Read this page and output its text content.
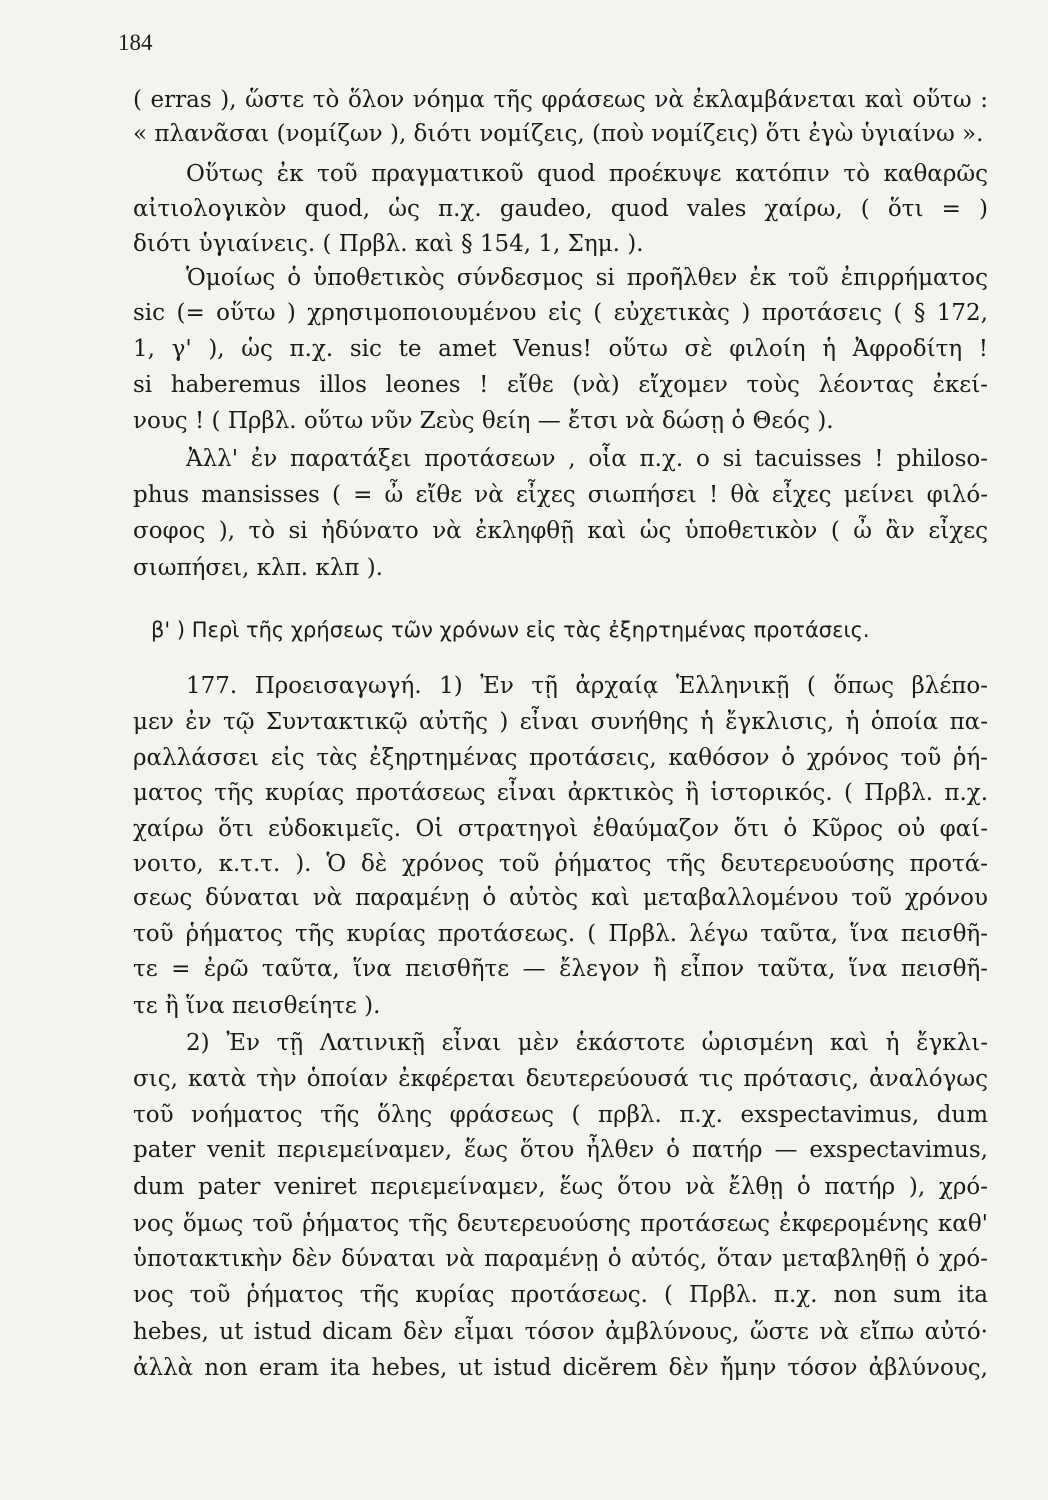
184
( erras ), ὥστε τὸ ὅλον νόημα τῆς φράσεως νὰ ἐκλαμβάνεται καὶ οὕτω :
« πλανᾶσαι (νομίζων ), διότι νομίζεις, (ποὺ νομίζεις) ὅτι ἐγὼ ὑγιαίνω ».
Οὕτως ἐκ τοῦ πραγματικοῦ quod προέκυψε κατόπιν τὸ καθαρῶς
αἰτιολογικὸν quod, ὡς π.χ. gaudeo, quod vales χαίρω, ( ὅτι = )
διότι ὑγιαίνεις. ( Πρβλ. καὶ § 154, 1, Σημ. ).
Ὁμοίως ὁ ὑποθετικὸς σύνδεσμος si προῆλθεν ἐκ τοῦ ἐπιρρήματος
sic (= οὕτω ) χρησιμοποιουμένου εἰς ( εὐχετικὰς ) προτάσεις ( § 172,
1, γ' ), ὡς π.χ. sic te amet Venus! οὕτω σὲ φιλοίη ἡ Ἀφροδίτη !
si haberemus illos leones ! εἴθε (νὰ) εἴχομεν τοὺς λέοντας ἐκεί-
νους ! ( Πρβλ. οὕτω νῦν Ζεὺς θείη — ἔτσι νὰ δώσῃ ὁ Θεός ).
Ἀλλ' ἐν παρατάξει προτάσεων , οἷα π.χ. o si tacuisses ! philoso-
phus mansisses ( = ὦ εἴθε νὰ εἶχες σιωπήσει ! θὰ εἶχες μείνει φιλό-
σοφος ), τὸ si ἠδύνατο νὰ ἐκληφθῇ καὶ ὡς ὑποθετικὸν ( ὦ ἂν εἶχες
σιωπήσει, κλπ. κλπ ).
β' ) Περὶ τῆς χρήσεως τῶν χρόνων εἰς τὰς ἐξηρτημένας προτάσεις.
177. Προεισαγωγή. 1) Ἐν τῇ ἀρχαίᾳ Ἑλληνικῇ ( ὅπως βλέπο-
μεν ἐν τῷ Συντακτικῷ αὐτῆς ) εἶναι συνήθης ἡ ἔγκλισις, ἡ ὁποία πα-
ραλλάσσει εἰς τὰς ἐξηρτημένας προτάσεις, καθόσον ὁ χρόνος τοῦ ῥή-
ματος τῆς κυρίας προτάσεως εἶναι ἀρκτικὸς ἢ ἱστορικός. ( Πρβλ. π.χ.
χαίρω ὅτι εὐδοκιμεῖς. Οἱ στρατηγοὶ ἐθαύμαζον ὅτι ὁ Κῦρος οὐ φαί-
νοιτο, κ.τ.τ. ). Ὁ δὲ χρόνος τοῦ ῥήματος τῆς δευτερευούσης προτά-
σεως δύναται νὰ παραμένῃ ὁ αὐτὸς καὶ μεταβαλλομένου τοῦ χρόνου
τοῦ ῥήματος τῆς κυρίας προτάσεως. ( Πρβλ. λέγω ταῦτα, ἵνα πεισθῆ-
τε = ἐρῶ ταῦτα, ἵνα πεισθῆτε — ἔλεγον ἢ εἶπον ταῦτα, ἵνα πεισθῆ-
τε ἢ ἵνα πεισθείητε ).
2) Ἐν τῇ Λατινικῇ εἶναι μὲν ἑκάστοτε ὡρισμένη καὶ ἡ ἔγκλι-
σις, κατὰ τὴν ὁποίαν ἐκφέρεται δευτερεύουσά τις πρότασις, ἀναλόγως
τοῦ νοήματος τῆς ὅλης φράσεως ( πρβλ. π.χ. exspectavimus, dum
pater venit περιεμείναμεν, ἕως ὅτου ἦλθεν ὁ πατήρ — exspectavimus,
dum pater veniret περιεμείναμεν, ἕως ὅτου νὰ ἔλθῃ ὁ πατήρ ), χρό-
νος ὅμως τοῦ ῥήματος τῆς δευτερευούσης προτάσεως ἐκφερομένης καθ'
ὑποτακτικὴν δὲν δύναται νὰ παραμένῃ ὁ αὐτός, ὅταν μεταβληθῇ ὁ χρό-
νος τοῦ ῥήματος τῆς κυρίας προτάσεως. ( Πρβλ. π.χ. non sum ita
hebes, ut istud dicam δὲν εἶμαι τόσον ἀμβλύνους, ὥστε νὰ εἴπω αὐτό·
ἀλλὰ non eram ita hebes, ut istud dicĕrem δὲν ἤμην τόσον ἀβλύνους,
